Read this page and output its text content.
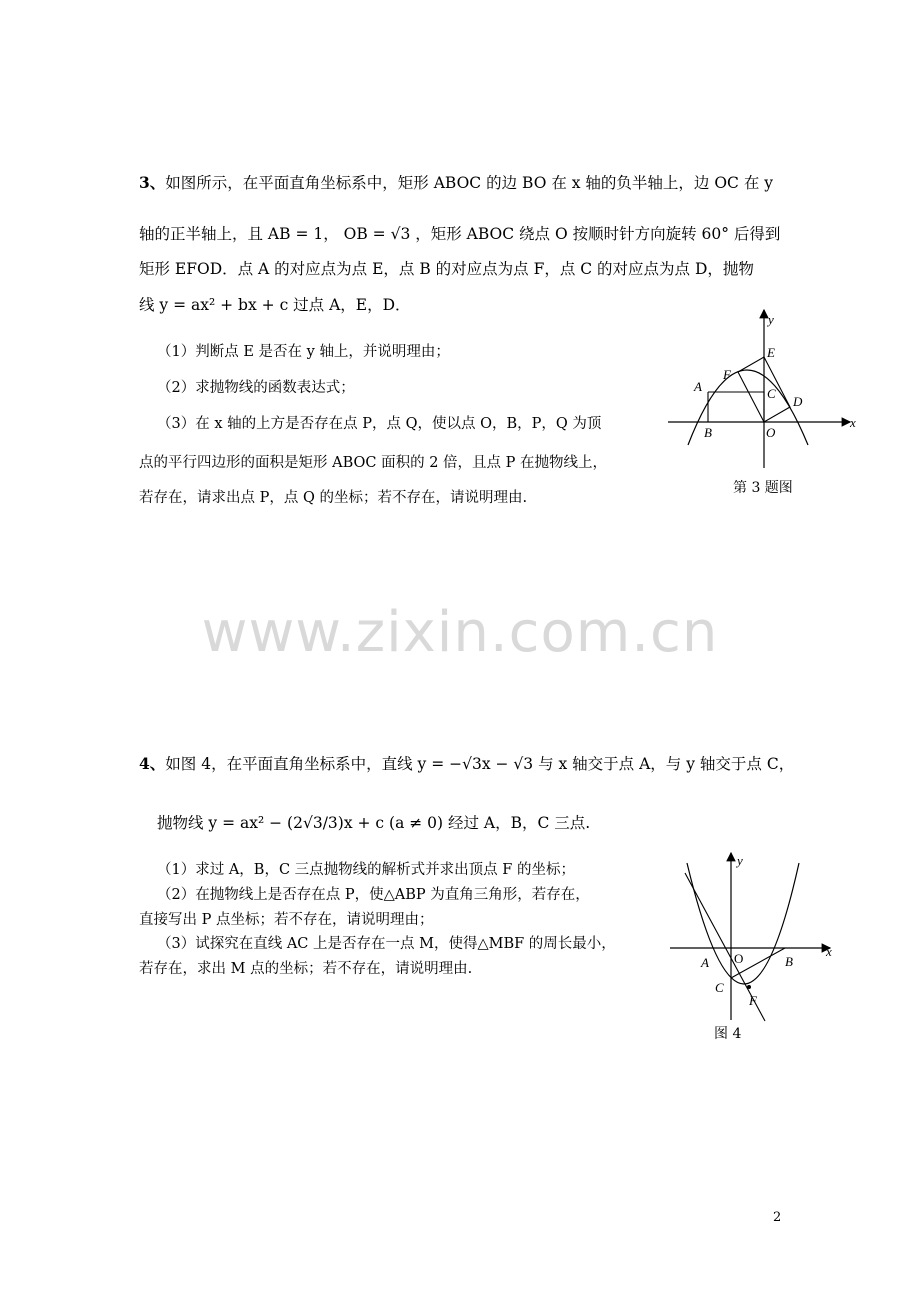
3、如图所示，在平面直角坐标系中，矩形 ABOC 的边 BO 在 x 轴的负半轴上，边 OC 在 y
轴的正半轴上，且 AB = 1， OB = √3 ，矩形 ABOC 绕点 O 按顺时针方向旋转 60° 后得到
矩形 EFOD．点 A 的对应点为点 E，点 B 的对应点为点 F，点 C 的对应点为点 D，抛物
线 y = ax² + bx + c 过点 A，E，D．
（1）判断点 E 是否在 y 轴上，并说明理由；
（2）求抛物线的函数表达式；
（3）在 x 轴的上方是否存在点 P，点 Q，使以点 O，B，P，Q 为顶
点的平行四边形的面积是矩形 ABOC 面积的 2 倍，且点 P 在抛物线上，
若存在，请求出点 P，点 Q 的坐标；若不存在，请说明理由.
y
x
E
F
A	C
D
B	O
第 3 题图
www.zixin.com.cn
4、如图 4，在平面直角坐标系中，直线 y = −√3x − √3 与 x 轴交于点 A，与 y 轴交于点 C，
抛物线 y = ax² − (2√3/3)x + c (a ≠ 0) 经过 A，B，C 三点.
（1）求过 A，B，C 三点抛物线的解析式并求出顶点 F 的坐标；
（2）在抛物线上是否存在点 P，使△ABP 为直角三角形，若存在，
直接写出 P 点坐标；若不存在，请说明理由；
（3）试探究在直线 AC 上是否存在一点 M，使得△MBF 的周长最小，
若存在，求出 M 点的坐标；若不存在，请说明理由.
y
x
A O	B
C
F
图 4
2
